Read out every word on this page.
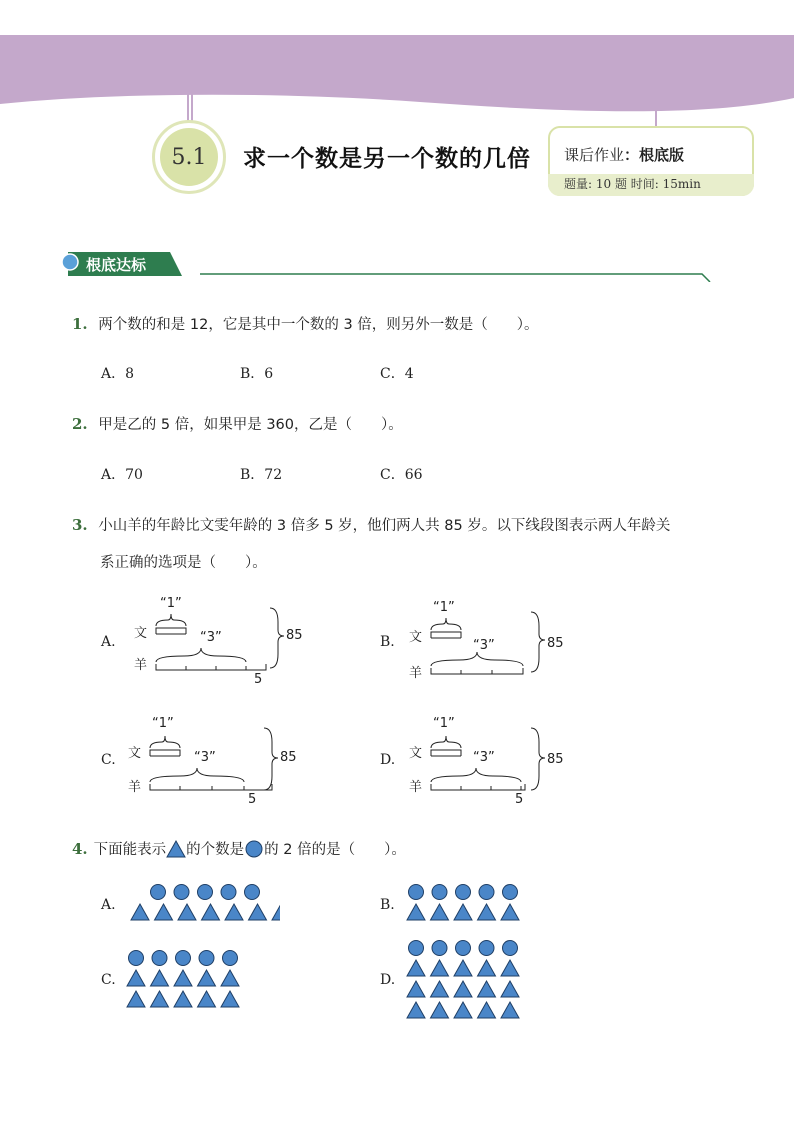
5.1	求一个数是另一个数的几倍 课后作业：根底版
题量: 10 题 时间: 15min
根底达标
1. 两个数的和是 12，它是其中一个数的 3 倍，则另外一数是（　　）。
A．8	B．6	C．4
2. 甲是乙的 5 倍，如果甲是 360，乙是（　　）。
A．70	B．72	C．66
3. 小山羊的年龄比文雯年龄的 3 倍多 5 岁，他们两人共 85 岁。以下线段图表示两人年龄关
系正确的选项是（　　）。
A.	B.
C.	D.
文
羊
“1”
“3”	85
5
文
羊
“1”
“3”	85
文
羊
“1”
“3”	85
5
文
羊
“1”
“3”	85
5
4. 下面能表示 的个数是 的 2 倍的是（　　）。
A.	B.
C.	D.
